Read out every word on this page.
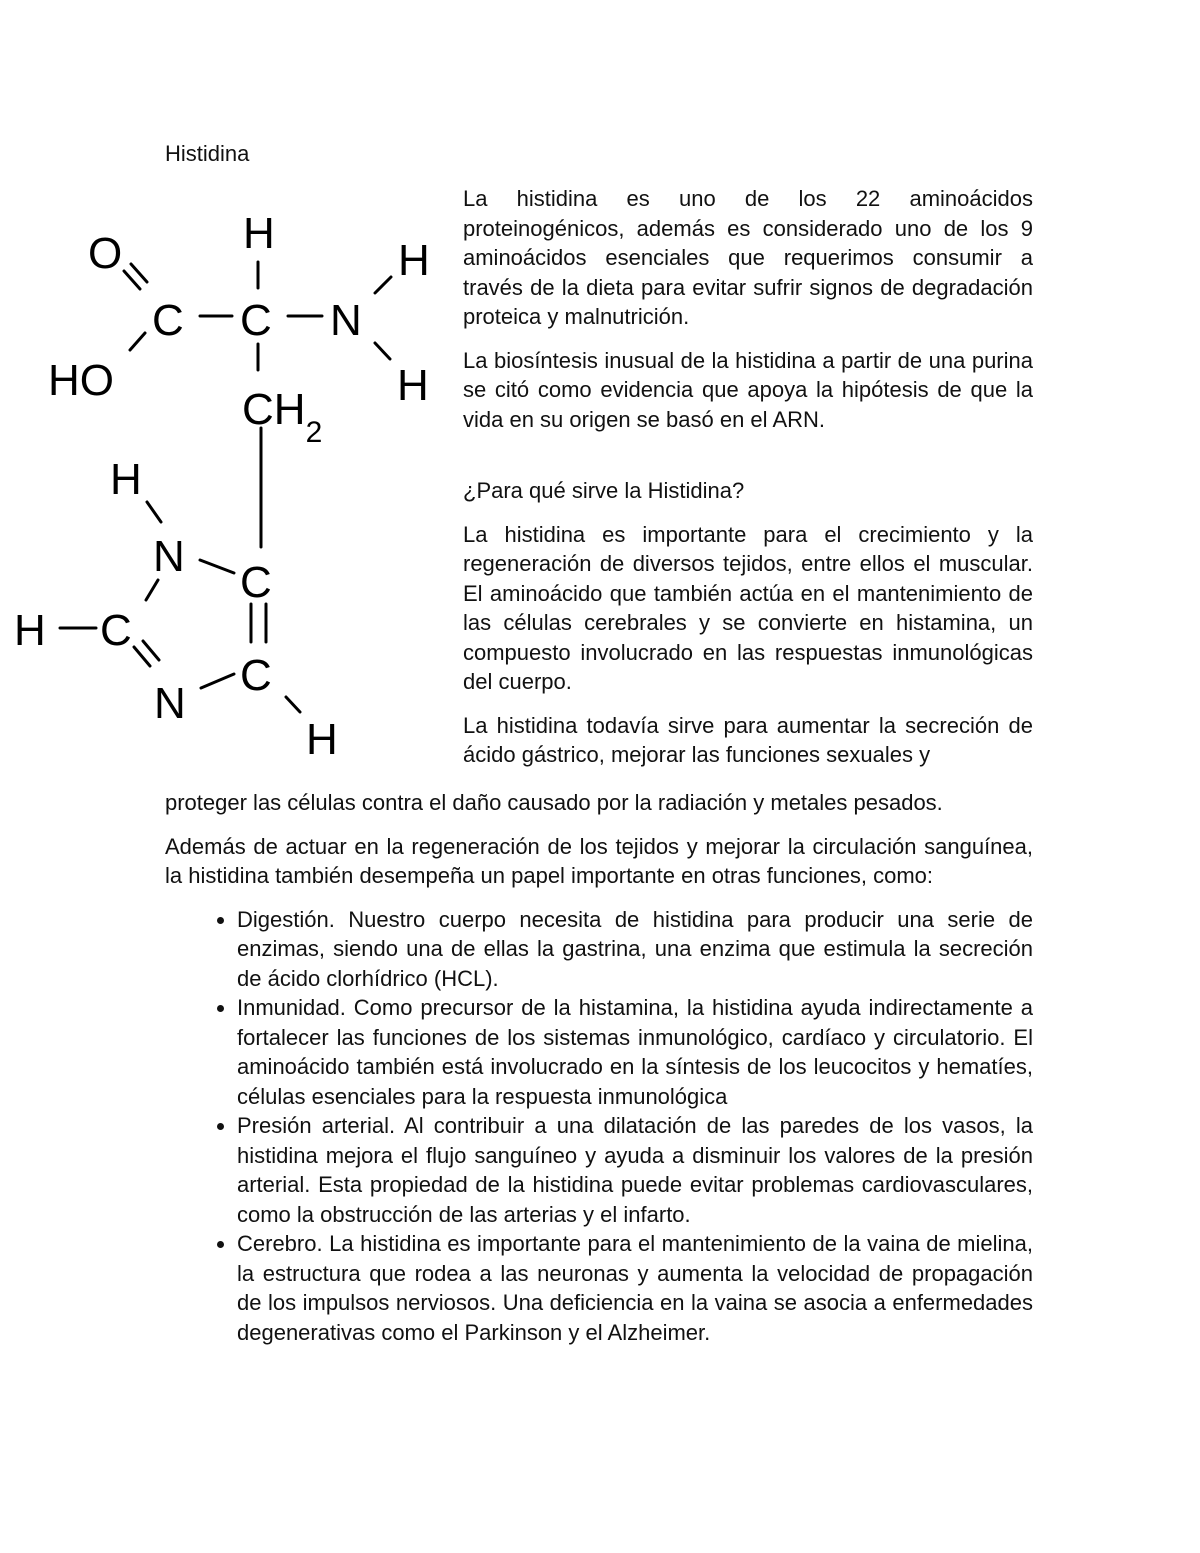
Histidina
O
C
HO
H
C N
H
H
$CH_2$
H
N
C
H C
N
C
H

La histidina es uno de los 22 aminoácidos proteinogénicos, además es considerado uno de los 9 aminoácidos esenciales que requerimos consumir a través de la dieta para evitar sufrir signos de degradación proteica y malnutrición.

La biosíntesis inusual de la histidina a partir de una purina se citó como evidencia que apoya la hipótesis de que la vida en su origen se basó en el ARN.

¿Para qué sirve la Histidina?

La histidina es importante para el crecimiento y la regeneración de diversos tejidos, entre ellos el muscular. El aminoácido que también actúa en el mantenimiento de las células cerebrales y se convierte en histamina, un compuesto involucrado en las respuestas inmunológicas del cuerpo.

La histidina todavía sirve para aumentar la secreción de ácido gástrico, mejorar las funciones sexuales y

proteger las células contra el daño causado por la radiación y metales pesados.

Además de actuar en la regeneración de los tejidos y mejorar la circulación sanguínea, la histidina también desempeña un papel importante en otras funciones, como:

• Digestión. Nuestro cuerpo necesita de histidina para producir una serie de enzimas, siendo una de ellas la gastrina, una enzima que estimula la secreción de ácido clorhídrico (HCL).
• Inmunidad. Como precursor de la histamina, la histidina ayuda indirectamente a fortalecer las funciones de los sistemas inmunológico, cardíaco y circulatorio. El aminoácido también está involucrado en la síntesis de los leucocitos y hematíes, células esenciales para la respuesta inmunológica
• Presión arterial. Al contribuir a una dilatación de las paredes de los vasos, la histidina mejora el flujo sanguíneo y ayuda a disminuir los valores de la presión arterial. Esta propiedad de la histidina puede evitar problemas cardiovasculares, como la obstrucción de las arterias y el infarto.
• Cerebro. La histidina es importante para el mantenimiento de la vaina de mielina, la estructura que rodea a las neuronas y aumenta la velocidad de propagación de los impulsos nerviosos. Una deficiencia en la vaina se asocia a enfermedades degenerativas como el Parkinson y el Alzheimer.
